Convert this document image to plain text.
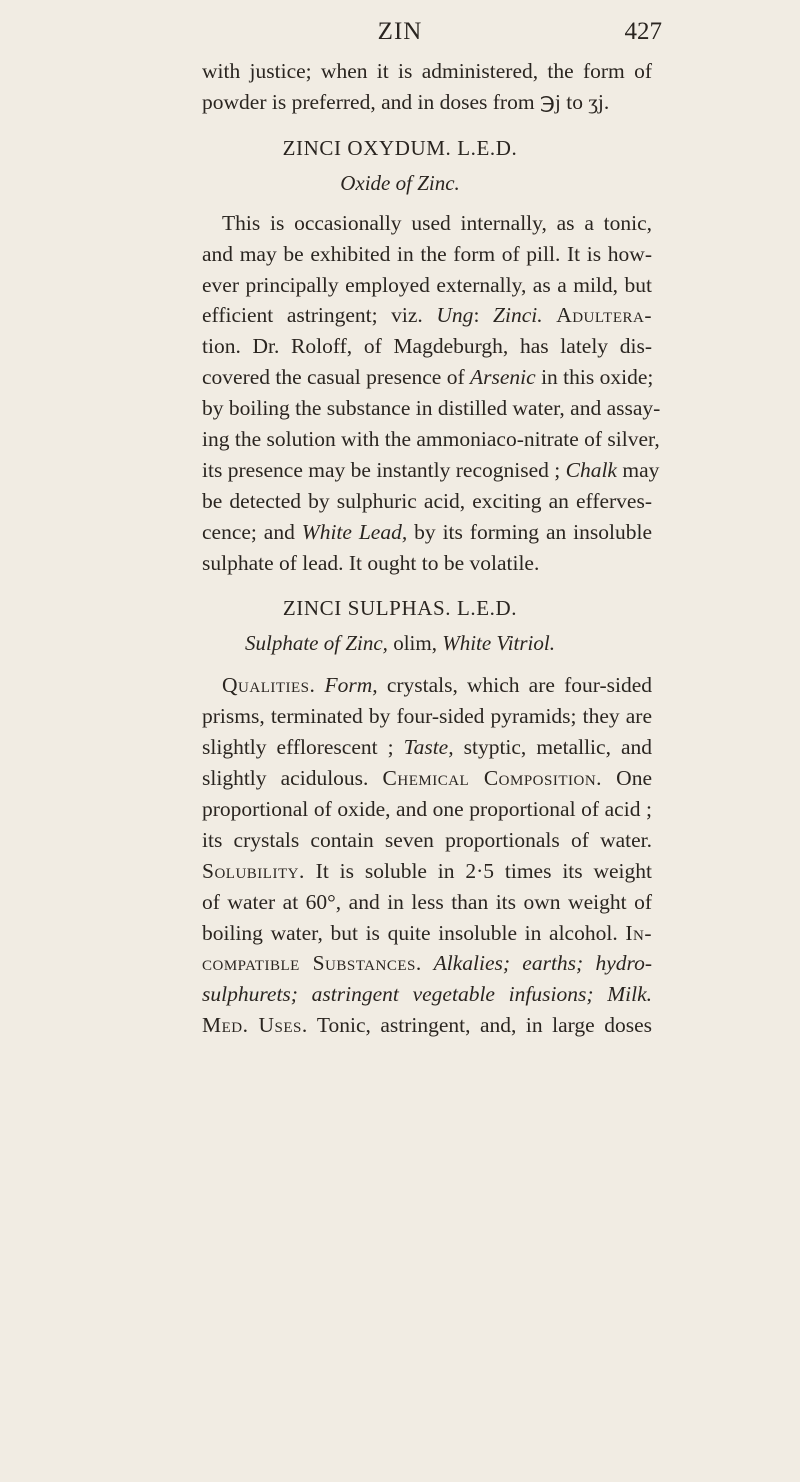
ZIN	427
with justice; when it is administered, the form of
powder is preferred, and in doses from ℈j to ʒj.
ZINCI OXYDUM. L.E.D.
Oxide of Zinc.
This is occasionally used internally, as a tonic,
and may be exhibited in the form of pill. It is how-
ever principally employed externally, as a mild, but
efficient astringent; viz. Ung: Zinci. Adultera-
tion. Dr. Roloff, of Magdeburgh, has lately dis-
covered the casual presence of Arsenic in this oxide;
by boiling the substance in distilled water, and assay-
ing the solution with the ammoniaco-nitrate of silver,
its presence may be instantly recognised ; Chalk may
be detected by sulphuric acid, exciting an efferves-
cence; and White Lead, by its forming an insoluble
sulphate of lead. It ought to be volatile.
ZINCI SULPHAS. L.E.D.
Sulphate of Zinc, olim, White Vitriol.
Qualities. Form, crystals, which are four-sided
prisms, terminated by four-sided pyramids; they are
slightly efflorescent ; Taste, styptic, metallic, and
slightly acidulous. Chemical Composition. One
proportional of oxide, and one proportional of acid ;
its crystals contain seven proportionals of water.
Solubility. It is soluble in 2·5 times its weight
of water at 60°, and in less than its own weight of
boiling water, but is quite insoluble in alcohol. In-
compatible Substances. Alkalies; earths; hydro-
sulphurets; astringent vegetable infusions; Milk.
Med. Uses. Tonic, astringent, and, in large doses
